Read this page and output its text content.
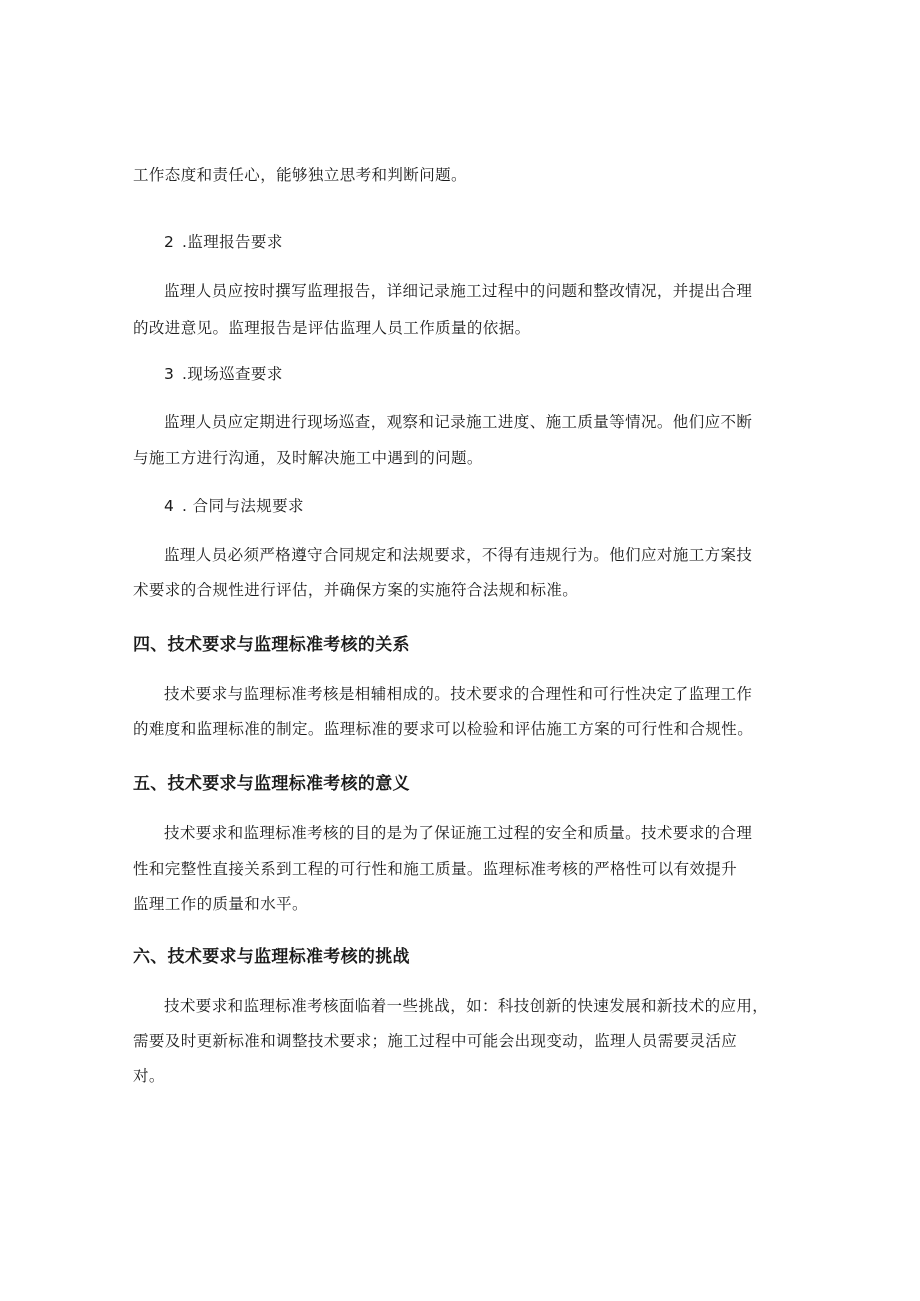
工作态度和责任心，能够独立思考和判断问题。
2 .监理报告要求
监理人员应按时撰写监理报告，详细记录施工过程中的问题和整改情况，并提出合理
的改进意见。监理报告是评估监理人员工作质量的依据。
3 .现场巡查要求
监理人员应定期进行现场巡查，观察和记录施工进度、施工质量等情况。他们应不断
与施工方进行沟通，及时解决施工中遇到的问题。
4 . 合同与法规要求
监理人员必须严格遵守合同规定和法规要求，不得有违规行为。他们应对施工方案技
术要求的合规性进行评估，并确保方案的实施符合法规和标准。
四、技术要求与监理标准考核的关系
技术要求与监理标准考核是相辅相成的。技术要求的合理性和可行性决定了监理工作
的难度和监理标准的制定。监理标准的要求可以检验和评估施工方案的可行性和合规性。
五、技术要求与监理标准考核的意义
技术要求和监理标准考核的目的是为了保证施工过程的安全和质量。技术要求的合理
性和完整性直接关系到工程的可行性和施工质量。监理标准考核的严格性可以有效提升
监理工作的质量和水平。
六、技术要求与监理标准考核的挑战
技术要求和监理标准考核面临着一些挑战，如：科技创新的快速发展和新技术的应用，
需要及时更新标准和调整技术要求；施工过程中可能会出现变动，监理人员需要灵活应
对。
